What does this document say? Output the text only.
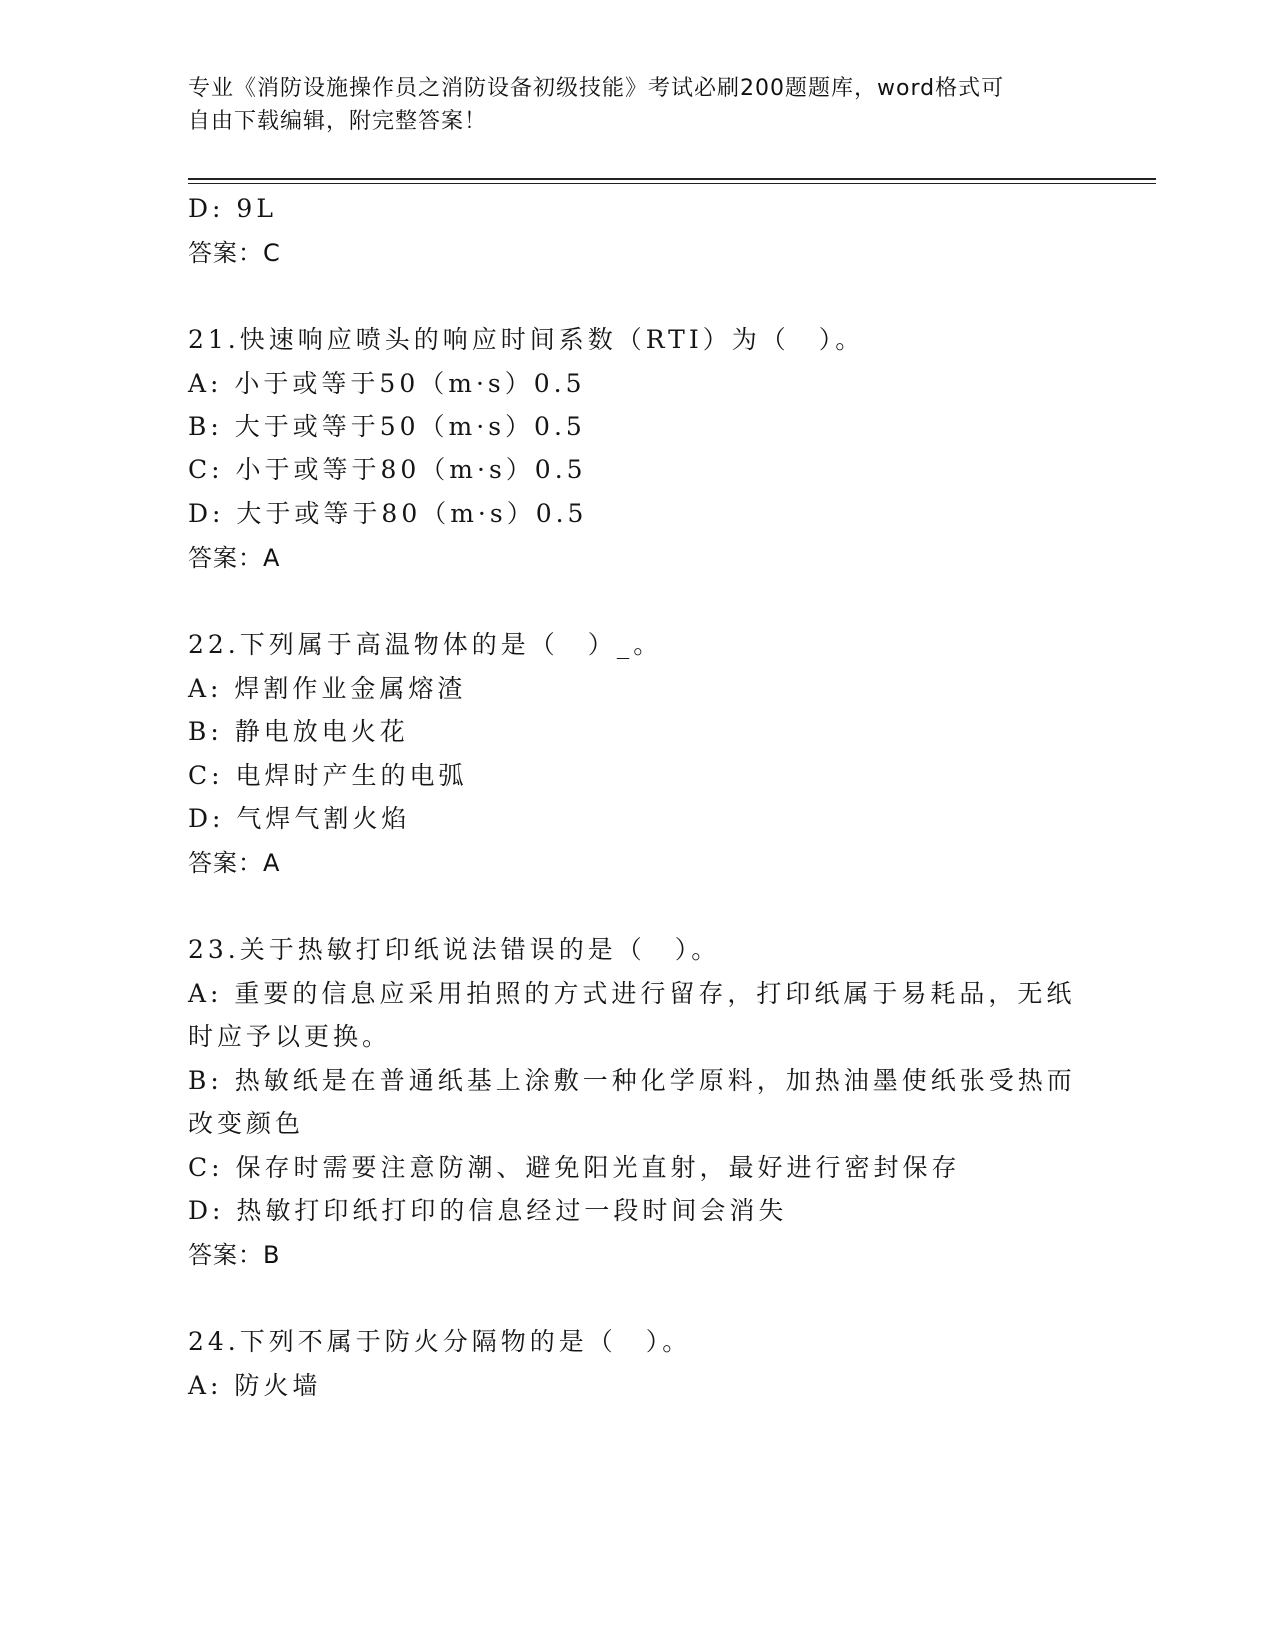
专业《消防设施操作员之消防设备初级技能》考试必刷200题题库，word格式可
自由下载编辑，附完整答案！
D: 9L
答案：C
21.快速响应喷头的响应时间系数（RTI）为（　）。
A: 小于或等于50（m·s）0.5
B: 大于或等于50（m·s）0.5
C: 小于或等于80（m·s）0.5
D: 大于或等于80（m·s）0.5
答案：A
22.下列属于高温物体的是（　）_。
A: 焊割作业金属熔渣
B: 静电放电火花
C: 电焊时产生的电弧
D: 气焊气割火焰
答案：A
23.关于热敏打印纸说法错误的是（　）。
A: 重要的信息应采用拍照的方式进行留存，打印纸属于易耗品，无纸
时应予以更换。
B: 热敏纸是在普通纸基上涂敷一种化学原料，加热油墨使纸张受热而
改变颜色
C: 保存时需要注意防潮、避免阳光直射，最好进行密封保存
D: 热敏打印纸打印的信息经过一段时间会消失
答案：B
24.下列不属于防火分隔物的是（　）。
A: 防火墙
